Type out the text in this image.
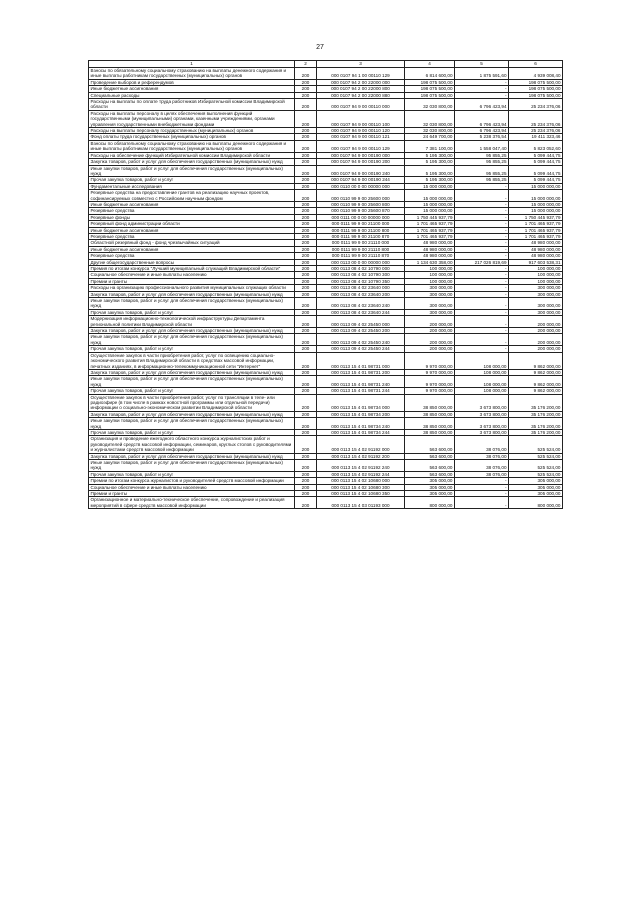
27
1	2	3	4	5	6
Взносы по обязательному социальному страхованию на выплаты денежного содержания и иные выплаты работникам государственных (муниципальных) органов	200	000 0107 94 1 00 00110 129	6 814 600,00	1 875 591,60	4 939 008,40
Проведение выборов и референдумов	200	000 0107 94 2 00 22000 000	198 075 500,00	-	198 075 500,00
Иные бюджетные ассигнования	200	000 0107 94 2 00 22000 800	198 075 500,00	-	198 075 500,00
Специальные расходы	200	000 0107 94 2 00 22000 880	198 075 500,00	-	198 075 500,00
Расходы на выплаты по оплате труда работников Избирательной комиссии Владимирской области	200	000 0107 94 9 00 00110 000	32 030 800,00	6 796 423,94	25 234 376,06
Расходы на выплаты персоналу в целях обеспечения выполнения функций государственными (муниципальными) органами, казенными учреждениями, органами управления государственными внебюджетными фондами	200	000 0107 94 9 00 00110 100	32 030 800,00	6 796 423,94	25 234 376,06
Расходы на выплаты персоналу государственных (муниципальных) органов	200	000 0107 94 9 00 00110 120	32 030 800,00	6 796 423,94	25 234 376,06
Фонд оплаты труда государственных (муниципальных) органов	200	000 0107 94 9 00 00110 121	24 649 700,00	5 238 376,54	19 411 323,46
Взносы по обязательному социальному страхованию на выплаты денежного содержания и иные выплаты работникам государственных (муниципальных) органов	200	000 0107 94 9 00 00110 129	7 381 100,00	1 558 047,40	5 823 052,60
Расходы на обеспечение функций Избирательной комиссии Владимирской области	200	000 0107 94 9 00 00190 000	5 195 300,00	95 855,25	5 099 444,75
Закупка товаров, работ и услуг для обеспечения государственных (муниципальных) нужд	200	000 0107 94 9 00 00190 200	5 195 300,00	95 855,25	5 099 444,75
Иные закупки товаров, работ и услуг для обеспечения государственных (муниципальных) нужд	200	000 0107 94 9 00 00190 240	5 195 300,00	95 855,25	5 099 444,75
Прочая закупка товаров, работ и услуг	200	000 0107 94 9 00 00190 244	5 195 300,00	95 855,25	5 099 444,75
Фундаментальные исследования	200	000 0110 00 0 00 00000 000	15 000 000,00	-	15 000 000,00
Резервные средства на предоставление грантов на реализацию научных проектов, софинансируемых совместно с Российским научным фондом	200	000 0110 99 9 00 25600 000	15 000 000,00	-	15 000 000,00
Иные бюджетные ассигнования	200	000 0110 99 9 00 25600 800	15 000 000,00	-	15 000 000,00
Резервные средства	200	000 0110 99 9 00 25600 870	15 000 000,00	-	15 000 000,00
Резервные фонды	200	000 0111 00 0 00 00000 000	1 750 445 937,79	-	1 750 445 937,79
Резервный фонд администрации области	200	000 0111 99 9 00 21100 000	1 701 465 937,79	-	1 701 465 937,79
Иные бюджетные ассигнования	200	000 0111 99 9 00 21100 800	1 701 465 937,79	-	1 701 465 937,79
Резервные средства	200	000 0111 99 9 00 21100 870	1 701 465 937,79	-	1 701 465 937,79
Областной резервный фонд - фонд чрезвычайных ситуаций	200	000 0111 99 9 00 21110 000	48 980 000,00	-	48 980 000,00
Иные бюджетные ассигнования	200	000 0111 99 9 00 21110 800	48 980 000,00	-	48 980 000,00
Резервные средства	200	000 0111 99 9 00 21110 870	48 980 000,00	-	48 980 000,00
Другие общегосударственные вопросы	200	000 0113 00 0 00 00000 000	1 134 630 358,00	217 026 819,69	917 603 538,31
Премия по итогам конкурса "Лучший муниципальный служащий Владимирской области"	200	000 0113 08 4 02 10790 000	100 000,00	-	100 000,00
Социальное обеспечение и иные выплаты населению	200	000 0113 08 4 02 10790 300	100 000,00	-	100 000,00
Премии и гранты	200	000 0113 08 4 02 10790 350	100 000,00	-	100 000,00
Расходы на организацию профессионального развития муниципальных служащих области	200	000 0113 08 4 02 23640 000	300 000,00	-	300 000,00
Закупка товаров, работ и услуг для обеспечения государственных (муниципальных) нужд	200	000 0113 08 4 02 23640 200	300 000,00	-	300 000,00
Иные закупки товаров, работ и услуг для обеспечения государственных (муниципальных) нужд	200	000 0113 08 4 02 23640 240	300 000,00	-	300 000,00
Прочая закупка товаров, работ и услуг	200	000 0113 08 4 02 23640 244	300 000,00	-	300 000,00
Модернизация информационно-технологической инфраструктуры Департамента региональной политики Владимирской области	200	000 0113 09 4 02 25450 000	200 000,00	-	200 000,00
Закупка товаров, работ и услуг для обеспечения государственных (муниципальных) нужд	200	000 0113 09 4 02 25450 200	200 000,00	-	200 000,00
Иные закупки товаров, работ и услуг для обеспечения государственных (муниципальных) нужд	200	000 0113 09 4 02 25450 240	200 000,00	-	200 000,00
Прочая закупка товаров, работ и услуг	200	000 0113 09 4 02 25450 244	200 000,00	-	200 000,00
Осуществление закупок в части приобретения работ, услуг по освещению социально-экономического развития Владимирской области в средствах массовой информации, печатных изданиях, в информационно-телекоммуникационной сети "Интернет"	200	000 0113 15 4 01 98731 000	9 970 000,00	108 000,00	9 862 000,00
Закупка товаров, работ и услуг для обеспечения государственных (муниципальных) нужд	200	000 0113 15 4 01 98731 200	9 970 000,00	108 000,00	9 862 000,00
Иные закупки товаров, работ и услуг для обеспечения государственных (муниципальных) нужд	200	000 0113 15 4 01 98731 240	9 970 000,00	108 000,00	9 862 000,00
Прочая закупка товаров, работ и услуг	200	000 0113 15 4 01 98731 244	9 970 000,00	108 000,00	9 862 000,00
Осуществление закупок в части приобретения работ, услуг по трансляции в теле- или радиоэфире (в том числе в рамках новостной программы или отдельной передачи) информации о социально-экономическом развитии Владимирской области	200	000 0113 15 4 01 98734 000	38 850 000,00	3 673 800,00	35 176 200,00
Закупка товаров, работ и услуг для обеспечения государственных (муниципальных) нужд	200	000 0113 15 4 01 98734 200	38 850 000,00	3 673 800,00	35 176 200,00
Иные закупки товаров, работ и услуг для обеспечения государственных (муниципальных) нужд	200	000 0113 15 4 01 98734 240	38 850 000,00	3 673 800,00	35 176 200,00
Прочая закупка товаров, работ и услуг	200	000 0113 15 4 01 98734 244	38 850 000,00	3 673 800,00	35 176 200,00
Организация и проведение ежегодного областного конкурса журналистских работ и руководителей средств массовой информации, семинаров, круглых столов с руководителями и журналистами средств массовой информации	200	000 0113 15 4 02 91192 000	563 600,00	38 076,00	525 524,00
Закупка товаров, работ и услуг для обеспечения государственных (муниципальных) нужд	200	000 0113 15 4 02 91192 200	563 600,00	38 076,00	525 524,00
Иные закупки товаров, работ и услуг для обеспечения государственных (муниципальных) нужд	200	000 0113 15 4 02 91192 240	563 600,00	38 076,00	525 524,00
Прочая закупка товаров, работ и услуг	200	000 0113 15 4 02 91192 244	563 600,00	38 076,00	525 524,00
Премии по итогам конкурса журналистов и руководителей средств массовой информации	200	000 0113 15 4 02 10680 000	305 000,00	-	305 000,00
Социальное обеспечение и иные выплаты населению	200	000 0113 15 4 02 10680 300	305 000,00	-	305 000,00
Премии и гранты	200	000 0113 15 4 02 10680 350	305 000,00	-	305 000,00
Организационное и материально-техническое обеспечение, сопровождение и реализация мероприятий в сфере средств массовой информации	200	000 0113 15 4 03 01193 000	800 000,00	-	800 000,00
